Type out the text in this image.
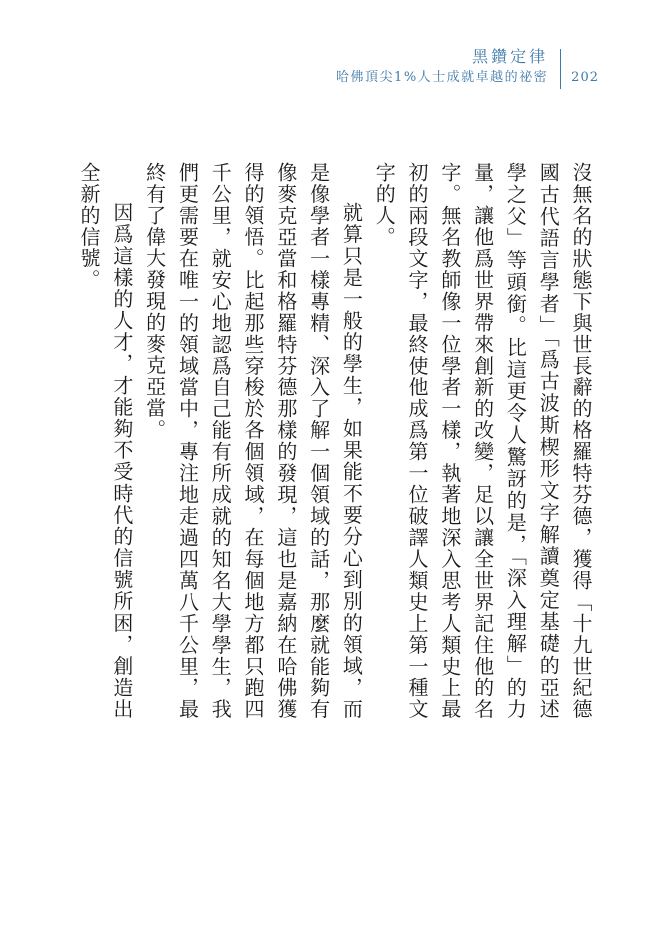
黑鑽定律
哈佛頂尖1%人士成就卓越的祕密 202

沒無名的狀態下與世長辭的格羅特芬德，獲得「十九世紀德國古代語言學者」「爲古波斯楔形文字解讀奠定基礎的亞述學之父」等頭銜。比這更令人驚訝的是，「深入理解」的力量，讓他爲世界帶來創新的改變，足以讓全世界記住他的名字。無名教師像一位學者一樣，執著地深入思考人類史上最初的兩段文字，最終使他成爲第一位破譯人類史上第一種文字的人。

就算只是一般的學生，如果能不要分心到別的領域，而是像學者一樣專精、深入了解一個領域的話，那麼就能夠有像麥克亞當和格羅特芬德那樣的發現，這也是嘉納在哈佛獲得的領悟。比起那些穿梭於各個領域，在每個地方都只跑四千公里，就安心地認爲自己能有所成就的知名大學學生，我們更需要在唯一的領域當中，專注地走過四萬八千公里，最終有了偉大發現的麥克亞當。

因爲這樣的人才，才能夠不受時代的信號所困，創造出全新的信號。
